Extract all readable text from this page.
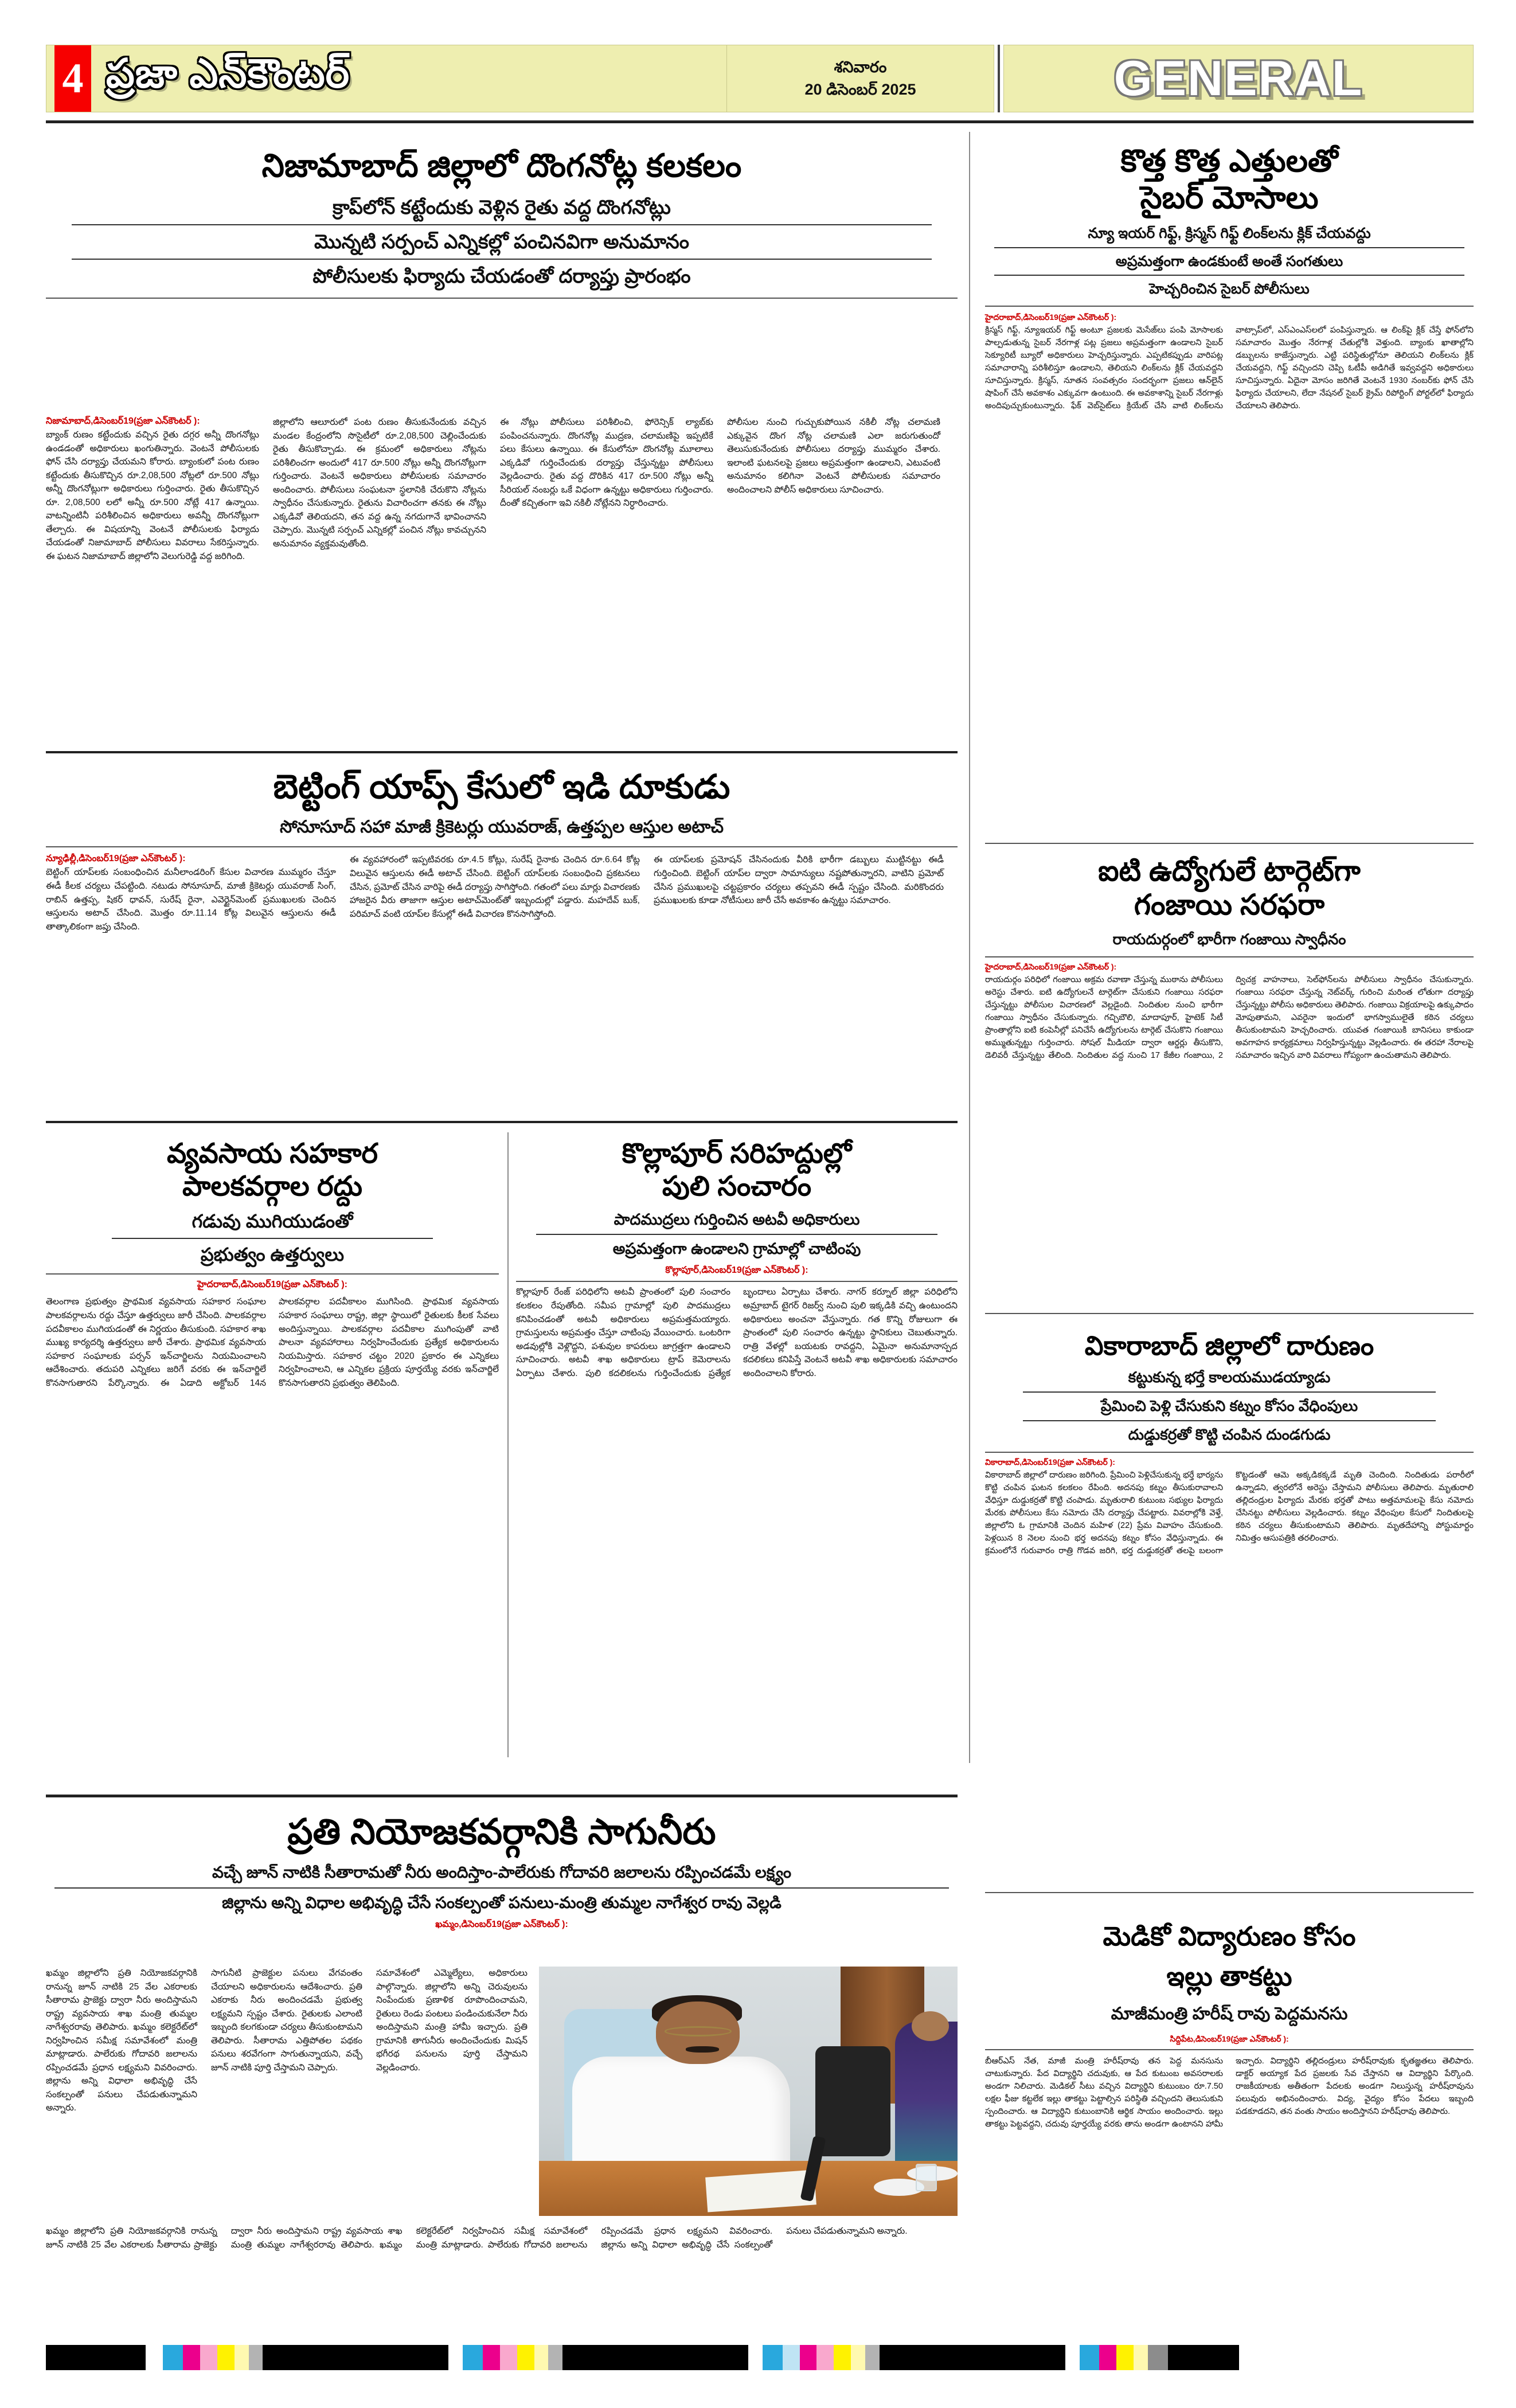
4 ప్రజా ఎన్‌కౌంటర్	శనివారం
20 డిసెంబర్ 2025	GENERAL
నిజామాబాద్ జిల్లాలో దొంగనోట్ల కలకలం
క్రాప్‌లోన్ కట్టేందుకు వెళ్లిన రైతు వద్ద దొంగనోట్లు
మొన్నటి సర్పంచ్ ఎన్నికల్లో పంచినవిగా అనుమానం
పోలీసులకు ఫిర్యాదు చేయడంతో దర్యాప్తు ప్రారంభం
నిజామాబాద్,డిసెంబర్19(ప్రజా ఎన్‌కౌంటర్ ):
బ్యాంక్ రుణం కట్టేందుకు వచ్చిన రైతు దగ్గర అన్నీ దొంగనోట్లు ఉండడంతో అధికారులు ఖంగుతిన్నారు. వెంటనే పోలీసులకు ఫోన్ చేసి దర్యాప్తు చేయమని కోరారు. బ్యాంకులో పంట రుణం కట్టేందుకు తీసుకొచ్చిన రూ.2,08,500 నోట్లలో రూ.500 నోట్లు అన్నీ దొంగనోట్లుగా అధికారులు గుర్తించారు. రైతు తీసుకొచ్చిన రూ. 2,08,500 లలో అన్నీ రూ.500 నోట్లే 417 ఉన్నాయి. వాటన్నింటినీ పరిశీలించిన అధికారులు అవన్నీ దొంగనోట్లుగా తేల్చారు. ఈ విషయాన్ని వెంటనే పోలీసులకు ఫిర్యాదు చేయడంతో నిజామాబాద్ పోలీసులు వివరాలు సేకరిస్తున్నారు. ఈ ఘటన నిజామాబాద్ జిల్లాలోని వెలుగురెడ్డి వద్ద జరిగింది.
జిల్లాలోని ఆలూరులో పంట రుణం తీసుకునేందుకు వచ్చిన మండల కేంద్రంలోని సొసైటీలో రూ.2,08,500 చెల్లించేందుకు రైతు తీసుకొచ్చాడు. ఈ క్రమంలో అధికారులు నోట్లను పరిశీలించగా అందులో 417 రూ.500 నోట్లు అన్నీ దొంగనోట్లుగా గుర్తించారు. వెంటనే అధికారులు పోలీసులకు సమాచారం అందించారు. పోలీసులు సంఘటనా స్థలానికి చేరుకొని నోట్లను స్వాధీనం చేసుకున్నారు. రైతును విచారించగా తనకు ఈ నోట్లు ఎక్కడివో తెలియదని, తన వద్ద ఉన్న నగదుగానే భావించానని చెప్పారు. మొన్నటి సర్పంచ్ ఎన్నికల్లో పంచిన నోట్లు కావచ్చునని అనుమానం వ్యక్తమవుతోంది.
ఈ నోట్లు పోలీసులు పరిశీలించి, ఫోరెన్సిక్ ల్యాబ్‌కు పంపించనున్నారు. దొంగనోట్ల ముద్రణ, చలామణిపై ఇప్పటికే పలు కేసులు ఉన్నాయి. ఈ కేసులోనూ దొంగనోట్ల మూలాలు ఎక్కడివో గుర్తించేందుకు దర్యాప్తు చేస్తున్నట్టు పోలీసులు వెల్లడించారు. రైతు వద్ద దొరికిన 417 రూ.500 నోట్లు అన్నీ సీరియల్ నంబర్లు ఒకే విధంగా ఉన్నట్టు అధికారులు గుర్తించారు. దీంతో కచ్చితంగా ఇవి నకిలీ నోట్లేనని నిర్ధారించారు.
పోలీసుల నుంచి గుచ్చుకుపోయిన నకిలీ నోట్ల చలామణి ఎక్కువైన దొంగ నోట్ల చలామణి ఎలా జరుగుతుందో తెలుసుకునేందుకు పోలీసులు దర్యాప్తు ముమ్మరం చేశారు. ఇలాంటి ఘటనలపై ప్రజలు అప్రమత్తంగా ఉండాలని, ఎటువంటి అనుమానం కలిగినా వెంటనే పోలీసులకు సమాచారం అందించాలని పోలీస్ అధికారులు సూచించారు.
కొత్త కొత్త ఎత్తులతో
సైబర్ మోసాలు
న్యూ ఇయర్ గిఫ్ట్, క్రిస్మస్ గిఫ్ట్ లింక్‌లను క్లిక్ చేయవద్దు
అప్రమత్తంగా ఉండకుంటే అంతే సంగతులు
హెచ్చరించిన సైబర్ పోలీసులు
హైదరాబాద్,డిసెంబర్19(ప్రజా ఎన్‌కౌంటర్ ):
క్రిస్మస్ గిఫ్ట్, న్యూఇయర్ గిఫ్ట్ అంటూ ప్రజలకు మెసేజ్‌లు పంపి మోసాలకు పాల్పడుతున్న సైబర్ నేరగాళ్ల పట్ల ప్రజలు అప్రమత్తంగా ఉండాలని సైబర్ సెక్యూరిటీ బ్యూరో అధికారులు హెచ్చరిస్తున్నారు. ఎప్పటికప్పుడు వారిపట్ల సమాచారాన్ని పరిశీలిస్తూ ఉండాలని, తెలియని లింక్‌లను క్లిక్ చేయవద్దని సూచిస్తున్నారు. క్రిస్మస్, నూతన సంవత్సరం సందర్భంగా ప్రజలు ఆన్‌లైన్ షాపింగ్ చేసే అవకాశం ఎక్కువగా ఉంటుంది. ఈ అవకాశాన్ని సైబర్ నేరగాళ్లు అందిపుచ్చుకుంటున్నారు. ఫేక్ వెబ్‌సైట్‌లు క్రియేట్ చేసి వాటి లింక్‌లను వాట్సాప్‌లో, ఎస్ఎంఎస్‌లలో పంపిస్తున్నారు. ఆ లింక్‌పై క్లిక్ చేస్తే ఫోన్‌లోని సమాచారం మొత్తం నేరగాళ్ల చేతుల్లోకి వెళ్తుంది. బ్యాంకు ఖాతాల్లోని డబ్బులను కాజేస్తున్నారు. ఎట్టి పరిస్థితుల్లోనూ తెలియని లింక్‌లను క్లిక్ చేయవద్దని, గిఫ్ట్ వచ్చిందని చెప్పి ఓటీపీ అడిగితే ఇవ్వవద్దని అధికారులు సూచిస్తున్నారు. ఏదైనా మోసం జరిగితే వెంటనే 1930 నంబర్‌కు ఫోన్ చేసి ఫిర్యాదు చేయాలని, లేదా నేషనల్ సైబర్ క్రైమ్ రిపోర్టింగ్ పోర్టల్‌లో ఫిర్యాదు చేయాలని తెలిపారు.
బెట్టింగ్ యాప్స్ కేసులో ఇడి దూకుడు
సోనూసూద్ సహా మాజీ క్రికెటర్లు యువరాజ్, ఉత్తప్పల ఆస్తుల అటాచ్
న్యూఢిల్లీ,డిసెంబర్19(ప్రజా ఎన్‌కౌంటర్ ):
బెట్టింగ్ యాప్‌లకు సంబంధించిన మనీలాండరింగ్ కేసుల విచారణ ముమ్మరం చేస్తూ ఈడీ కీలక చర్యలు చేపట్టింది. నటుడు సోనూసూద్, మాజీ క్రికెటర్లు యువరాజ్ సింగ్, రాబిన్ ఉత్తప్ప, షికర్ ధావన్, సురేష్ రైనా, ఎవెర్టైన్‌మెంట్ ప్రముఖులకు చెందిన ఆస్తులను అటాచ్ చేసింది. మొత్తం రూ.11.14 కోట్ల విలువైన ఆస్తులను ఈడీ తాత్కాలికంగా జప్తు చేసింది.
ఈ వ్యవహారంలో ఇప్పటివరకు రూ.4.5 కోట్లు, సురేష్ రైనాకు చెందిన రూ.6.64 కోట్ల విలువైన ఆస్తులను ఈడీ అటాచ్ చేసింది. బెట్టింగ్ యాప్‌లకు సంబంధించి ప్రకటనలు చేసిన, ప్రమోట్ చేసిన వారిపై ఈడీ దర్యాప్తు సాగిస్తోంది. గతంలో పలు మార్లు విచారణకు హాజరైన వీరు తాజాగా ఆస్తుల అటాచ్‌మెంట్‌తో ఇబ్బందుల్లో పడ్డారు. మహదేవ్ బుక్, పరిమాచ్ వంటి యాప్‌ల కేసుల్లో ఈడీ విచారణ కొనసాగిస్తోంది.
ఈ యాప్‌లకు ప్రమోషన్ చేసినందుకు వీరికి భారీగా డబ్బులు ముట్టినట్టు ఈడీ గుర్తించింది. బెట్టింగ్ యాప్‌ల ద్వారా సామాన్యులు నష్టపోతున్నారని, వాటిని ప్రమోట్ చేసిన ప్రముఖులపై చట్టప్రకారం చర్యలు తప్పవని ఈడీ స్పష్టం చేసింది. మరికొందరు ప్రముఖులకు కూడా నోటీసులు జారీ చేసే అవకాశం ఉన్నట్టు సమాచారం.
ఐటి ఉద్యోగులే టార్గెట్‌గా
గంజాయి సరఫరా
రాయదుర్గంలో భారీగా గంజాయి స్వాధీనం
హైదరాబాద్,డిసెంబర్19(ప్రజా ఎన్‌కౌంటర్ ):
రాయదుర్గం పరిధిలో గంజాయి అక్రమ రవాణా చేస్తున్న ముఠాను పోలీసులు అరెస్టు చేశారు. ఐటి ఉద్యోగులనే టార్గెట్‌గా చేసుకుని గంజాయి సరఫరా చేస్తున్నట్టు పోలీసుల విచారణలో వెల్లడైంది. నిందితుల నుంచి భారీగా గంజాయి స్వాధీనం చేసుకున్నారు. గచ్చిబౌలి, మాదాపూర్, హైటెక్ సిటీ ప్రాంతాల్లోని ఐటి కంపెనీల్లో పనిచేసే ఉద్యోగులను టార్గెట్ చేసుకొని గంజాయి అమ్ముతున్నట్టు గుర్తించారు. సోషల్ మీడియా ద్వారా ఆర్డర్లు తీసుకొని, డెలివరీ చేస్తున్నట్టు తేలింది. నిందితుల వద్ద నుంచి 17 కేజీల గంజాయి, 2 ద్విచక్ర వాహనాలు, సెల్‌ఫోన్‌లను పోలీసులు స్వాధీనం చేసుకున్నారు. గంజాయి సరఫరా చేస్తున్న నెట్‌వర్క్ గురించి మరింత లోతుగా దర్యాప్తు చేస్తున్నట్టు పోలీసు అధికారులు తెలిపారు. గంజాయి విక్రయాలపై ఉక్కుపాదం మోపుతామని, ఎవరైనా ఇందులో భాగస్వాములైతే కఠిన చర్యలు తీసుకుంటామని హెచ్చరించారు. యువత గంజాయికి బానిసలు కాకుండా అవగాహన కార్యక్రమాలు నిర్వహిస్తున్నట్టు వెల్లడించారు. ఈ తరహా నేరాలపై సమాచారం ఇచ్చిన వారి వివరాలు గోప్యంగా ఉంచుతామని తెలిపారు.
వ్యవసాయ సహకార
పాలకవర్గాల రద్దు
గడువు ముగియుడంతో
ప్రభుత్వం ఉత్తర్వులు
హైదరాబాద్,డిసెంబర్19(ప్రజా ఎన్‌కౌంటర్ ):
తెలంగాణ ప్రభుత్వం ప్రాథమిక వ్యవసాయ సహకార సంఘాల పాలకవర్గాలను రద్దు చేస్తూ ఉత్తర్వులు జారీ చేసింది. పాలకవర్గాల పదవీకాలం ముగియడంతో ఈ నిర్ణయం తీసుకుంది. సహకార శాఖ ముఖ్య కార్యదర్శి ఉత్తర్వులు జారీ చేశారు. ప్రాథమిక వ్యవసాయ సహకార సంఘాలకు పర్సన్ ఇన్‌చార్జిలను నియమించాలని ఆదేశించారు. తదుపరి ఎన్నికలు జరిగే వరకు ఈ ఇన్‌చార్జిలే కొనసాగుతారని పేర్కొన్నారు. ఈ ఏడాది అక్టోబర్ 14న పాలకవర్గాల పదవీకాలం ముగిసింది. ప్రాథమిక వ్యవసాయ సహకార సంఘాలు రాష్ట్ర, జిల్లా స్థాయిలో రైతులకు కీలక సేవలు అందిస్తున్నాయి. పాలకవర్గాల పదవీకాల ముగింపుతో వాటి పాలనా వ్యవహారాలు నిర్వహించేందుకు ప్రత్యేక అధికారులను నియమిస్తారు. సహకార చట్టం 2020 ప్రకారం ఈ ఎన్నికలు నిర్వహించాలని, ఆ ఎన్నికల ప్రక్రియ పూర్తయ్యే వరకు ఇన్‌చార్జిలే కొనసాగుతారని ప్రభుత్వం తెలిపింది.
కొల్లాపూర్ సరిహద్దుల్లో
పులి సంచారం
పాదముద్రలు గుర్తించిన అటవీ అధికారులు
అప్రమత్తంగా ఉండాలని గ్రామాల్లో చాటింపు
కొల్లాపూర్,డిసెంబర్19(ప్రజా ఎన్‌కౌంటర్ ):
కొల్లాపూర్ రేంజ్ పరిధిలోని అటవీ ప్రాంతంలో పులి సంచారం కలకలం రేపుతోంది. సమీప గ్రామాల్లో పులి పాదముద్రలు కనిపించడంతో అటవీ అధికారులు అప్రమత్తమయ్యారు. గ్రామస్తులను అప్రమత్తం చేస్తూ చాటింపు వేయించారు. ఒంటరిగా అడవుల్లోకి వెళ్లొద్దని, పశువుల కాపరులు జాగ్రత్తగా ఉండాలని సూచించారు. అటవీ శాఖ అధికారులు ట్రాప్ కెమెరాలను ఏర్పాటు చేశారు. పులి కదలికలను గుర్తించేందుకు ప్రత్యేక బృందాలు ఏర్పాటు చేశారు. నాగర్ కర్నూల్ జిల్లా పరిధిలోని అమ్రాబాద్ టైగర్ రిజర్వ్ నుంచి పులి ఇక్కడికి వచ్చి ఉంటుందని అధికారులు అంచనా వేస్తున్నారు. గత కొన్ని రోజులుగా ఈ ప్రాంతంలో పులి సంచారం ఉన్నట్టు స్థానికులు చెబుతున్నారు. రాత్రి వేళల్లో బయటకు రావద్దని, ఏమైనా అనుమానాస్పద కదలికలు కనిపిస్తే వెంటనే అటవీ శాఖ అధికారులకు సమాచారం అందించాలని కోరారు.
వికారాబాద్ జిల్లాలో దారుణం
కట్టుకున్న భర్తే కాలయముడయ్యాడు
ప్రేమించి పెళ్లి చేసుకుని కట్నం కోసం వేధింపులు
దుడ్డుకర్రతో కొట్టి చంపిన దుండగుడు
వికారాబాద్,డిసెంబర్19(ప్రజా ఎన్‌కౌంటర్ ):
వికారాబాద్ జిల్లాలో దారుణం జరిగింది. ప్రేమించి పెళ్లిచేసుకున్న భర్తే భార్యను కొట్టి చంపిన ఘటన కలకలం రేపింది. అదనపు కట్నం తీసుకురావాలని వేధిస్తూ దుడ్డుకర్రతో కొట్టి చంపాడు. మృతురాలి కుటుంబ సభ్యుల ఫిర్యాదు మేరకు పోలీసులు కేసు నమోదు చేసి దర్యాప్తు చేపట్టారు. వివరాల్లోకి వెళ్తే, జిల్లాలోని ఓ గ్రామానికి చెందిన మహిళ (22) ప్రేమ వివాహం చేసుకుంది. పెళ్లయిన 8 నెలల నుంచి భర్త అదనపు కట్నం కోసం వేధిస్తున్నాడు. ఈ క్రమంలోనే గురువారం రాత్రి గొడవ జరిగి, భర్త దుడ్డుకర్రతో తలపై బలంగా కొట్టడంతో ఆమె అక్కడికక్కడే మృతి చెందింది. నిందితుడు పరారీలో ఉన్నాడని, త్వరలోనే అరెస్టు చేస్తామని పోలీసులు తెలిపారు. మృతురాలి తల్లిదండ్రుల ఫిర్యాదు మేరకు భర్తతో పాటు అత్తమామలపై కేసు నమోదు చేసినట్టు పోలీసులు వెల్లడించారు. కట్నం వేధింపుల కేసులో నిందితులపై కఠిన చర్యలు తీసుకుంటామని తెలిపారు. మృతదేహాన్ని పోస్టుమార్టం నిమిత్తం ఆసుపత్రికి తరలించారు.
ప్రతి నియోజకవర్గానికి సాగునీరు
వచ్చే జూన్ నాటికి సీతారామతో నీరు అందిస్తాం-పాలేరుకు గోదావరి జలాలను రప్పించడమే లక్ష్యం
జిల్లాను అన్ని విధాల అభివృద్ధి చేసే సంకల్పంతో పనులు-మంత్రి తుమ్మల నాగేశ్వర రావు వెల్లడి
ఖమ్మం,డిసెంబర్19(ప్రజా ఎన్‌కౌంటర్ ):
ఖమ్మం జిల్లాలోని ప్రతి నియోజకవర్గానికి రానున్న జూన్ నాటికి 25 వేల ఎకరాలకు సీతారామ ప్రాజెక్టు ద్వారా నీరు అందిస్తామని రాష్ట్ర వ్యవసాయ శాఖ మంత్రి తుమ్మల నాగేశ్వరరావు తెలిపారు. ఖమ్మం కలెక్టరేట్‌లో నిర్వహించిన సమీక్ష సమావేశంలో మంత్రి మాట్లాడారు. పాలేరుకు గోదావరి జలాలను రప్పించడమే ప్రధాన లక్ష్యమని వివరించారు. జిల్లాను అన్ని విధాలా అభివృద్ధి చేసే సంకల్పంతో పనులు చేపడుతున్నామని అన్నారు.
సాగునీటి ప్రాజెక్టుల పనులు వేగవంతం చేయాలని అధికారులను ఆదేశించారు. ప్రతి ఎకరాకు నీరు అందించడమే ప్రభుత్వ లక్ష్యమని స్పష్టం చేశారు. రైతులకు ఎలాంటి ఇబ్బంది కలగకుండా చర్యలు తీసుకుంటామని తెలిపారు. సీతారామ ఎత్తిపోతల పథకం పనులు శరవేగంగా సాగుతున్నాయని, వచ్చే జూన్ నాటికి పూర్తి చేస్తామని చెప్పారు.
సమావేశంలో ఎమ్మెల్యేలు, అధికారులు పాల్గొన్నారు. జిల్లాలోని అన్ని చెరువులను నింపేందుకు ప్రణాళిక రూపొందించామని, రైతులు రెండు పంటలు పండించుకునేలా నీరు అందిస్తామని మంత్రి హామీ ఇచ్చారు. ప్రతి గ్రామానికి తాగునీరు అందించేందుకు మిషన్ భగీరథ పనులను పూర్తి చేస్తామని వెల్లడించారు.
ఖమ్మం జిల్లాలోని ప్రతి నియోజకవర్గానికి రానున్న జూన్ నాటికి 25 వేల ఎకరాలకు సీతారామ ప్రాజెక్టు ద్వారా నీరు అందిస్తామని రాష్ట్ర వ్యవసాయ శాఖ మంత్రి తుమ్మల నాగేశ్వరరావు తెలిపారు. ఖమ్మం కలెక్టరేట్‌లో నిర్వహించిన సమీక్ష సమావేశంలో మంత్రి మాట్లాడారు. పాలేరుకు గోదావరి జలాలను రప్పించడమే ప్రధాన లక్ష్యమని వివరించారు. జిల్లాను అన్ని విధాలా అభివృద్ధి చేసే సంకల్పంతో పనులు చేపడుతున్నామని అన్నారు.
మెడికో విద్యారుణం కోసం
ఇల్లు తాకట్టు
మాజీమంత్రి హరీష్ రావు పెద్దమనసు
సిద్దిపేట,డిసెంబర్19(ప్రజా ఎన్‌కౌంటర్ ):
బీఆర్ఎస్ నేత, మాజీ మంత్రి హరీష్‌రావు తన పెద్ద మనసును చాటుకున్నారు. పేద విద్యార్థిని చదువుకు, ఆ పేద కుటుంబ అవసరాలకు అండగా నిలిచారు. మెడికల్ సీటు వచ్చిన విద్యార్థిని కుటుంబం రూ.7.50 లక్షల ఫీజు కట్టలేక ఇల్లు తాకట్టు పెట్టాల్సిన పరిస్థితి వచ్చిందని తెలుసుకుని స్పందించారు. ఆ విద్యార్థిని కుటుంబానికి ఆర్థిక సాయం అందించారు. ఇల్లు తాకట్టు పెట్టవద్దని, చదువు పూర్తయ్యే వరకు తాను అండగా ఉంటానని హామీ ఇచ్చారు. విద్యార్థిని తల్లిదండ్రులు హరీష్‌రావుకు కృతజ్ఞతలు తెలిపారు. డాక్టర్ అయ్యాక పేద ప్రజలకు సేవ చేస్తానని ఆ విద్యార్థిని పేర్కొంది. రాజకీయాలకు అతీతంగా పేదలకు అండగా నిలుస్తున్న హరీష్‌రావును పలువురు అభినందించారు. విద్య, వైద్యం కోసం పేదలు ఇబ్బంది పడకూడదని, తన వంతు సాయం అందిస్తానని హరీష్‌రావు తెలిపారు.
